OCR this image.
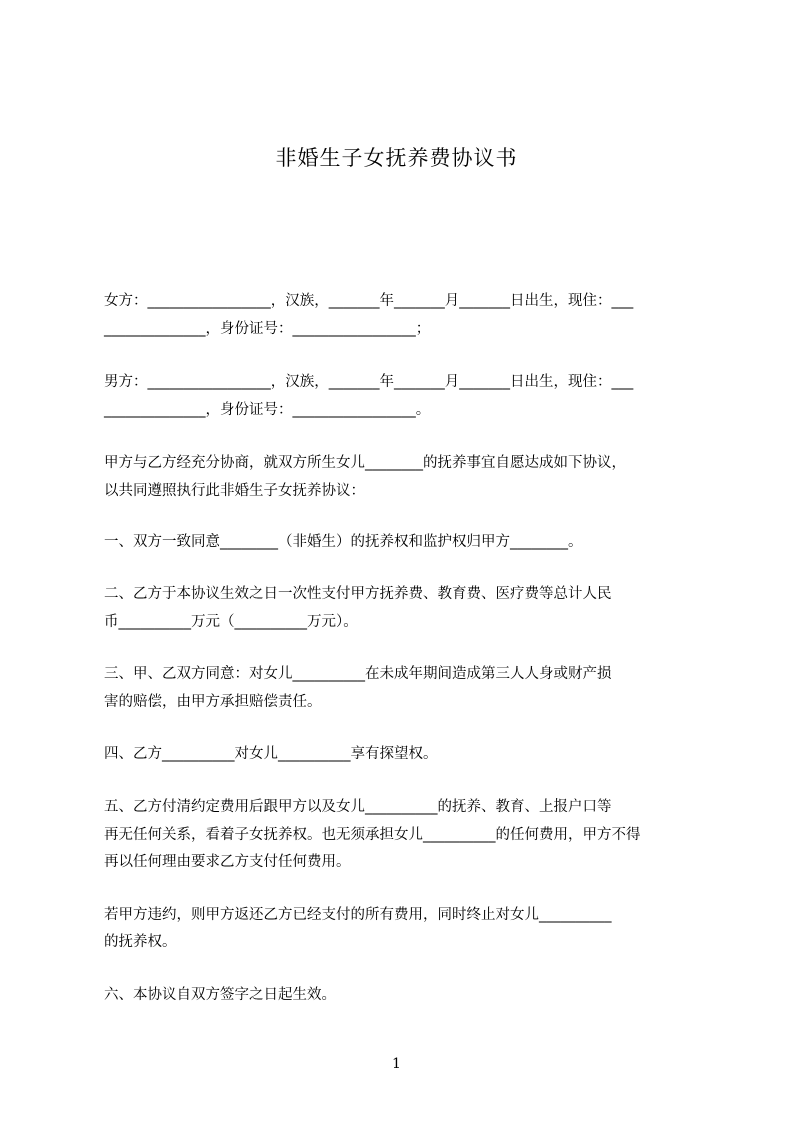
非婚生子女抚养费协议书
女方：_________________，汉族，_______年_______月_______日出生，现住：___
______________，身份证号：_________________；
男方：_________________，汉族，_______年_______月_______日出生，现住：___
______________，身份证号：_________________。
甲方与乙方经充分协商，就双方所生女儿________的抚养事宜自愿达成如下协议，
以共同遵照执行此非婚生子女抚养协议：
一、双方一致同意________（非婚生）的抚养权和监护权归甲方________。
二、乙方于本协议生效之日一次性支付甲方抚养费、教育费、医疗费等总计人民
币__________万元（__________万元）。
三、甲、乙双方同意：对女儿__________在未成年期间造成第三人人身或财产损
害的赔偿，由甲方承担赔偿责任。
四、乙方__________对女儿__________享有探望权。
五、乙方付清约定费用后跟甲方以及女儿__________的抚养、教育、上报户口等
再无任何关系，看着子女抚养权。也无须承担女儿__________的任何费用，甲方不得
再以任何理由要求乙方支付任何费用。
若甲方违约，则甲方返还乙方已经支付的所有费用，同时终止对女儿__________
的抚养权。
六、本协议自双方签字之日起生效。
1
